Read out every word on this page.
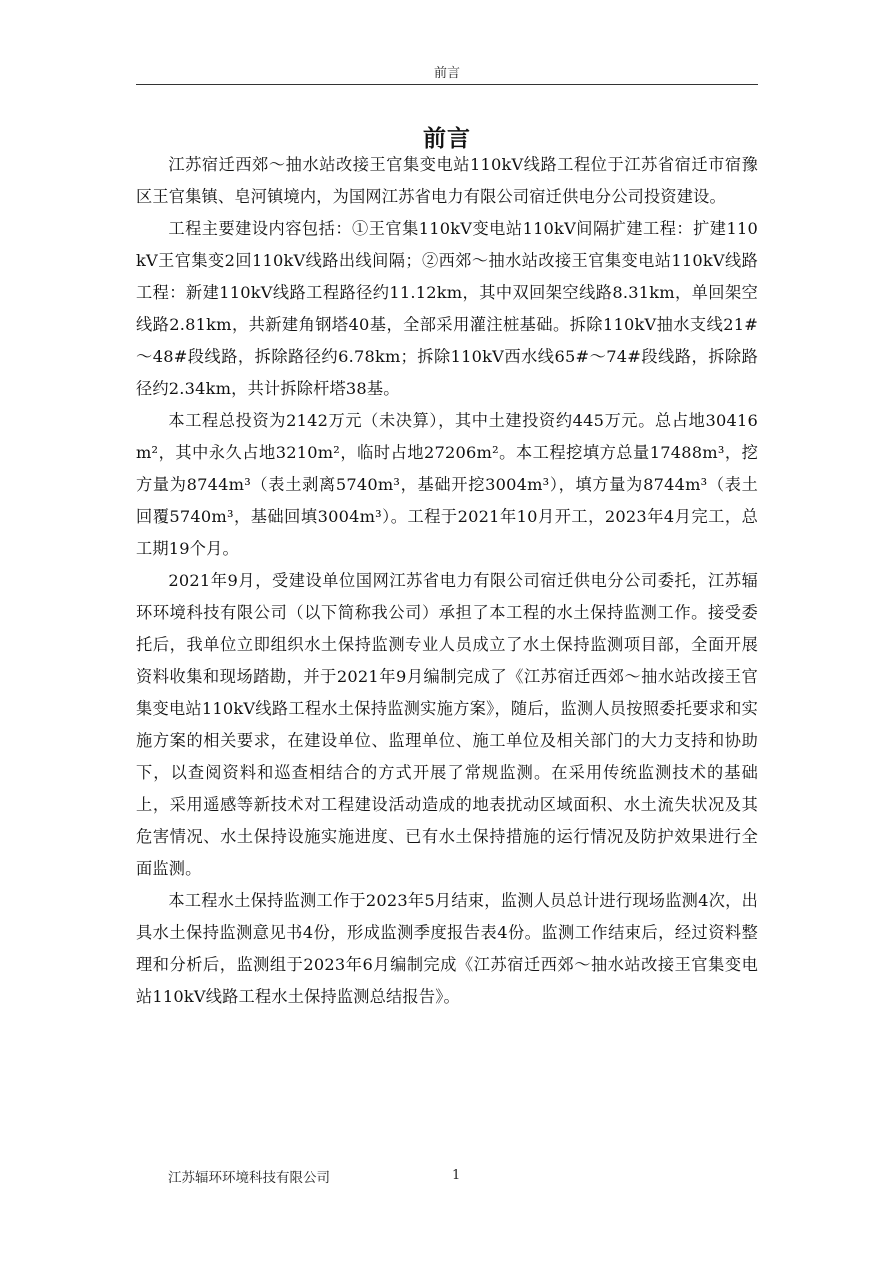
前言
前言

江苏宿迁西郊～抽水站改接王官集变电站110kV线路工程位于江苏省宿迁市宿豫区王官集镇、皂河镇境内，为国网江苏省电力有限公司宿迁供电分公司投资建设。

工程主要建设内容包括：①王官集110kV变电站110kV间隔扩建工程：扩建110kV王官集变2回110kV线路出线间隔；②西郊～抽水站改接王官集变电站110kV线路工程：新建110kV线路工程路径约11.12km，其中双回架空线路8.31km，单回架空线路2.81km，共新建角钢塔40基，全部采用灌注桩基础。拆除110kV抽水支线21#～48#段线路，拆除路径约6.78km；拆除110kV西水线65#～74#段线路，拆除路径约2.34km，共计拆除杆塔38基。

本工程总投资为2142万元（未决算），其中土建投资约445万元。总占地30416m²，其中永久占地3210m²，临时占地27206m²。本工程挖填方总量17488m³，挖方量为8744m³（表土剥离5740m³，基础开挖3004m³），填方量为8744m³（表土回覆5740m³，基础回填3004m³）。工程于2021年10月开工，2023年4月完工，总工期19个月。

2021年9月，受建设单位国网江苏省电力有限公司宿迁供电分公司委托，江苏辐环环境科技有限公司（以下简称我公司）承担了本工程的水土保持监测工作。接受委托后，我单位立即组织水土保持监测专业人员成立了水土保持监测项目部，全面开展资料收集和现场踏勘，并于2021年9月编制完成了《江苏宿迁西郊～抽水站改接王官集变电站110kV线路工程水土保持监测实施方案》，随后，监测人员按照委托要求和实施方案的相关要求，在建设单位、监理单位、施工单位及相关部门的大力支持和协助下，以查阅资料和巡查相结合的方式开展了常规监测。在采用传统监测技术的基础上，采用遥感等新技术对工程建设活动造成的地表扰动区域面积、水土流失状况及其危害情况、水土保持设施实施进度、已有水土保持措施的运行情况及防护效果进行全面监测。

本工程水土保持监测工作于2023年5月结束，监测人员总计进行现场监测4次，出具水土保持监测意见书4份，形成监测季度报告表4份。监测工作结束后，经过资料整理和分析后，监测组于2023年6月编制完成《江苏宿迁西郊～抽水站改接王官集变电站110kV线路工程水土保持监测总结报告》。

江苏辐环环境科技有限公司	1
